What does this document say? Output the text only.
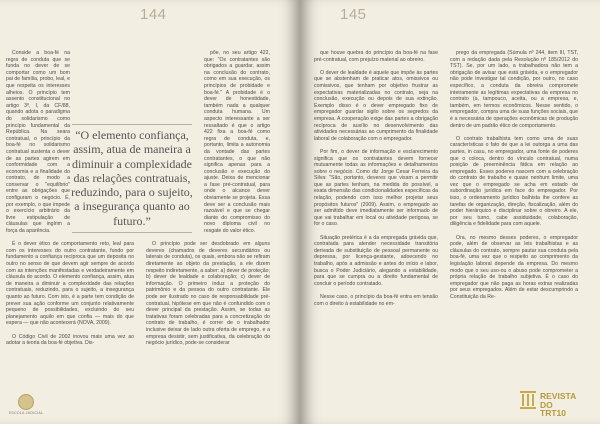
144

Conside a boa-fé na regra de conduta que se funda no dever de se comportar como um bom pai de família, probo, leal, e que respeita os interesses alheios. O princípio tem assento constitucional no artigo 3º, I, da CF/88, quando adota o paradigma do solidarismo como princípio fundamental da República. Na seara contratual, o princípio da boa-fé no solidarismo contratual sustenta o dever de as partes agirem em conformidade com a economia e a finalidade do contrato, de modo a conservar o "equilíbrio" entre as obrigações que configuram o negócio. É, por exemplo, o que impede o exercício arbitrário da livre estipulação de cláusulas que inglrim a força da aparência.

É o dever ético de comportamento reto, leal para com os interesses do outro contratante, fundo por fundamento a confiança recíproca que um deposita no outro no senso de que devem agir sempre de acordo com as intenções manifestadas e verdadeiramente em cláusula do acordo. O elemento confiança, assim, atua de maneira a diminuir a complexidade das relações contratuais, reduzindo, para o sujeito, a insegurança quanto ao futuro. Com isto, é a parte tem condição de prever sua ação conforme um conjunto relativamente pequeno de possibilidades, excluindo do seu planejamento aquilo em que confia — mais do que espera — que não acontecerá (NOVA, 2009).

O Código Civil de 2002 inovou mais uma vez ao adotar a teoria da boa-fé objetiva. Dis-

põe, no seu artigo 422, que: "Os contratantes são obrigados a guardar, assim na conclusão do contrato, como em sua execução, os princípios de probidade e boa-fé." A probidade é o dever de honestidade, também nada a qualquer conduta humana. Um aspecto interessante a ser ressaltado é que o artigo 422 fixa a boa-fé como regra de conduta, e, portanto, limita a autonomia da vontade das partes contratantes, o que não significa apenas para a conclusão e execução do ajuste. Deixa de mencionar a fase pré-contratual, para onde o alcance dever obviamente se projeta. Essa deve ser a conclusão mais razoável e que se chegar diante do compromisso do novo diploma civil no resgate do valor ético.

O princípio pode ser desdobrado em alguns deveres (chamados de deveres secundários ou laterais de conduta), os quais, embora não se refiram diretamente ao objeto da prestação, a ele dizem respeito indiretamente, a saber: a) dever de proteção; b) dever de lealdade e colaboração; c) dever de informação. O primeiro induz a proteção do patrimônio e da pessoa do outro contratante. Ele pode ser ilustrado no caso de responsabilidade pré-contratual, hipótese em que não é confundido com o dever principal da prestação. Assim, se todas as tratativas foram celebradas para a concretização do contrato de trabalho, é correr de o trabalhador inclusive deixar de lado outra oferta de emprego, e a empresa desistir, sem justificativa, da celebração do negócio jurídico, pode-se considerar

“O elemento confiança, assim, atua de maneira a diminuir a complexidade das relações contratuais, reduzindo, para o sujeito, a insegurança quanto ao futuro.”
ESCOLA JUDICIAL
145

que houve quebra do princípio da boa-fé na fase pré-contratual, com prejuízo material ao obreiro.

O dever de lealdade é aquele que impõe às partes que se abstenham de praticar atos, omissivos ou comissivos, que tenham por objetivo frustrar as expectativas materializadas no contrato, seja na conclusão, execução ou depois de sua extinção. Exemplo disso é o dever empregado fixo de empregador guardar sigilo sobre os segredos da empresa. A cooperação exige das partes a obrigação recíproca de auxílio no desenvolvimento das atividades necessárias ao cumprimento da finalidade laboral de colaboração com o empregador.

Por fim, o dever de informação e esclarecimento significa que os contratantes devem fornecer mutuamente todas as informações e detalhamentos sobre o negócio. Como diz Jorge Cesar Ferreira da Silva: "São, portanto, deveres que visam a permitir que as partes tenham, na medida do possível, a exata dimensão das condicionalidades específicas da relação, podendo com isso melhor projetar seus propósitos futuros" (2009). Assim, o empregado ao ser admitido deve imediatamente ser informado de que vai trabalhar em local ou atividade perigosa, se for o caso.

Situação pretérica é a da empregada grávida que, contratada para atender necessidade transitória derivada de substituição de pessoal permanente ou depressa, por licença-gestante, adoecendo no trabalho, após a admissão e antes do início e labor, busca o Poder Judiciário, alegando a estabilidade, para que se cumpra ou a direito fundamental de concluir o período contratado.

Nesse caso, o princípio da boa-fé entra em tensão com o direito à estabilidade no em-

prego da empregada (Súmula nº 244, item III, TST, com a redação dada pela Resolução nº 185/2012 do TST). Se, por um lado, a trabalhadora não tem a obrigação de avisar que está grávida, e o empregador não pode investigar tal condição, por outro, no caso específico, a conduta da obreira compromete inteiramente as legítimas expectativas da empresa no contrato (a, tampouco, aceita, ou a empresa, e, também, em termos econômicos. Nesse sentido, o empregador, compra uma de suas funções sociais, que é a necessária de operações econômicas de produção dentro de um padrão ético de comportamento.

O contrato trabalhista tem como uma de suas características o fato de que a lei outorga a uma das partes, in casu, no empregador, uma fonte de poderes que o coloca, dentro do vínculo contratual, numa posição de preeminência fática em relação ao empregado. Esses poderes nascem com a celebração do contrato de trabalho e quase nenhum limite, uma vez que o empregado se acha em estado de subordinação jurídica em face do empregador. Por isso, o ordenamento jurídico balhista ihe confere as tarefas de organização, direção, fiscalização, além do poder hierárquico e disciplinar sobre o obreiro. A ele, por seu turno, cabe assiduidade, colaboração, diligência e fidelidade para com aquele.

Ora, no mesmo desses poderes, o empregador pode, além de observar as leis trabalhistas e as cláusulas do contrato, sempre pautar sua conduta pela boa-fé, uma vez que o respeito ao comprimento da legislação laboral depende da empresa. Do mesmo modo que o seu uso-ou o abuso pode comprometer a própria relação de trabalho subjetiva. É o caso do empregador que não paga as horas extras realizadas por seus empregados. Além de estar descumprindo a Constituição da Re-

REVISTA
DO TRT10
